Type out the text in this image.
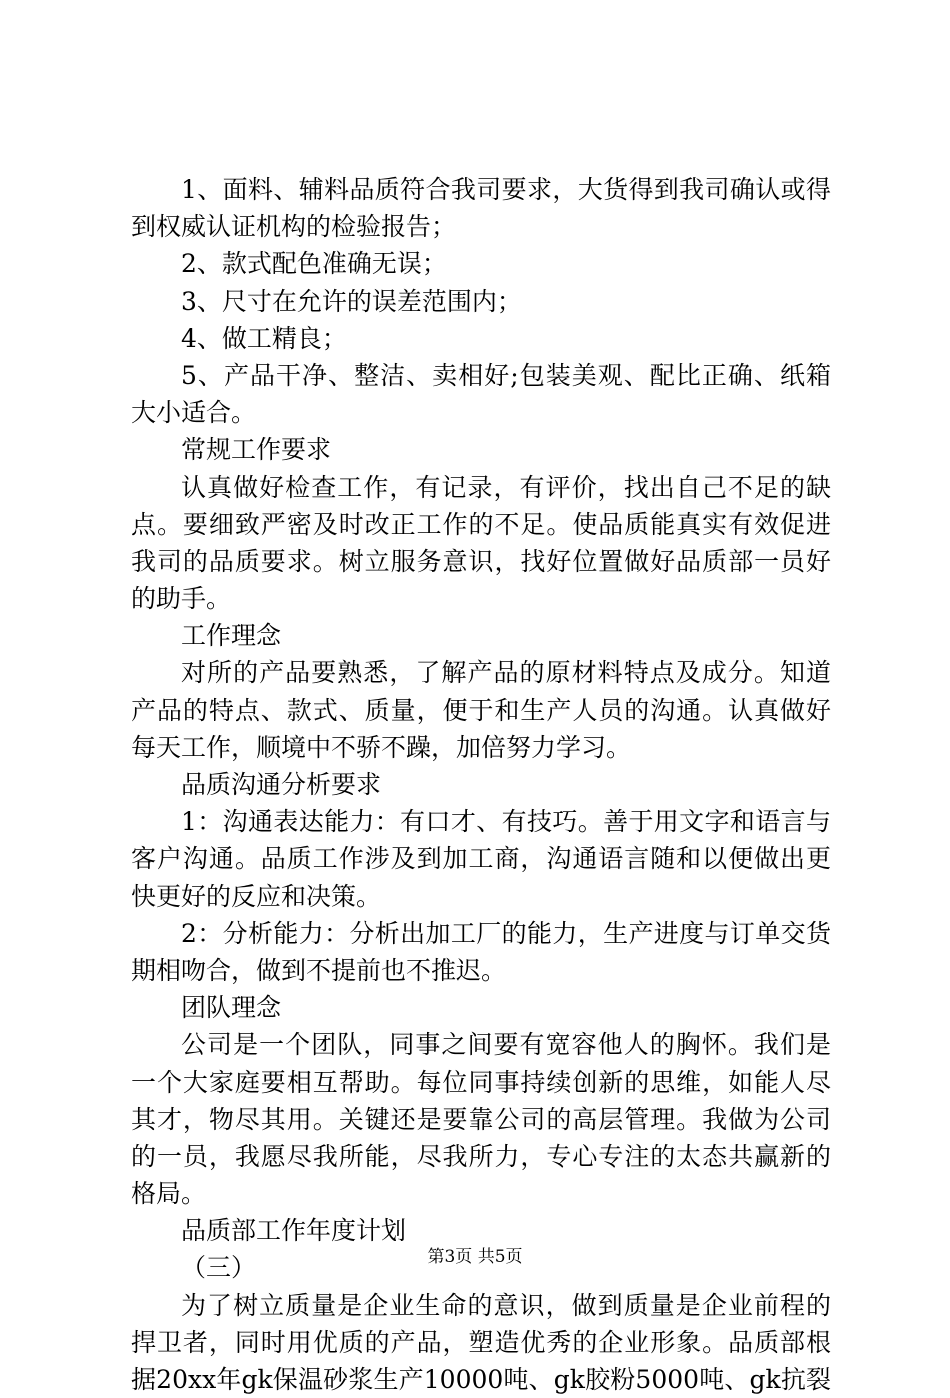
1、面料、辅料品质符合我司要求，大货得到我司确认或得
到权威认证机构的检验报告；
2、款式配色准确无误；
3、尺寸在允许的误差范围内；
4、做工精良；
5、产品干净、整洁、卖相好;包装美观、配比正确、纸箱
大小适合。
常规工作要求
认真做好检查工作，有记录，有评价，找出自己不足的缺
点。要细致严密及时改正工作的不足。使品质能真实有效促进
我司的品质要求。树立服务意识，找好位置做好品质部一员好
的助手。
工作理念
对所的产品要熟悉，了解产品的原材料特点及成分。知道
产品的特点、款式、质量，便于和生产人员的沟通。认真做好
每天工作，顺境中不骄不躁，加倍努力学习。
品质沟通分析要求
1：沟通表达能力：有口才、有技巧。善于用文字和语言与
客户沟通。品质工作涉及到加工商，沟通语言随和以便做出更
快更好的反应和决策。
2：分析能力：分析出加工厂的能力，生产进度与订单交货
期相吻合，做到不提前也不推迟。
团队理念
公司是一个团队，同事之间要有宽容他人的胸怀。我们是
一个大家庭要相互帮助。每位同事持续创新的思维，如能人尽
其才，物尽其用。关键还是要靠公司的高层管理。我做为公司
的一员，我愿尽我所能，尽我所力，专心专注的太态共赢新的
格局。
品质部工作年度计划
（三）
为了树立质量是企业生命的意识，做到质量是企业前程的
捍卫者，同时用优质的产品，塑造优秀的企业形象。品质部根
据20xx年gk保温砂浆生产10000吨、gk胶粉5000吨、gk抗裂
第3页 共5页
